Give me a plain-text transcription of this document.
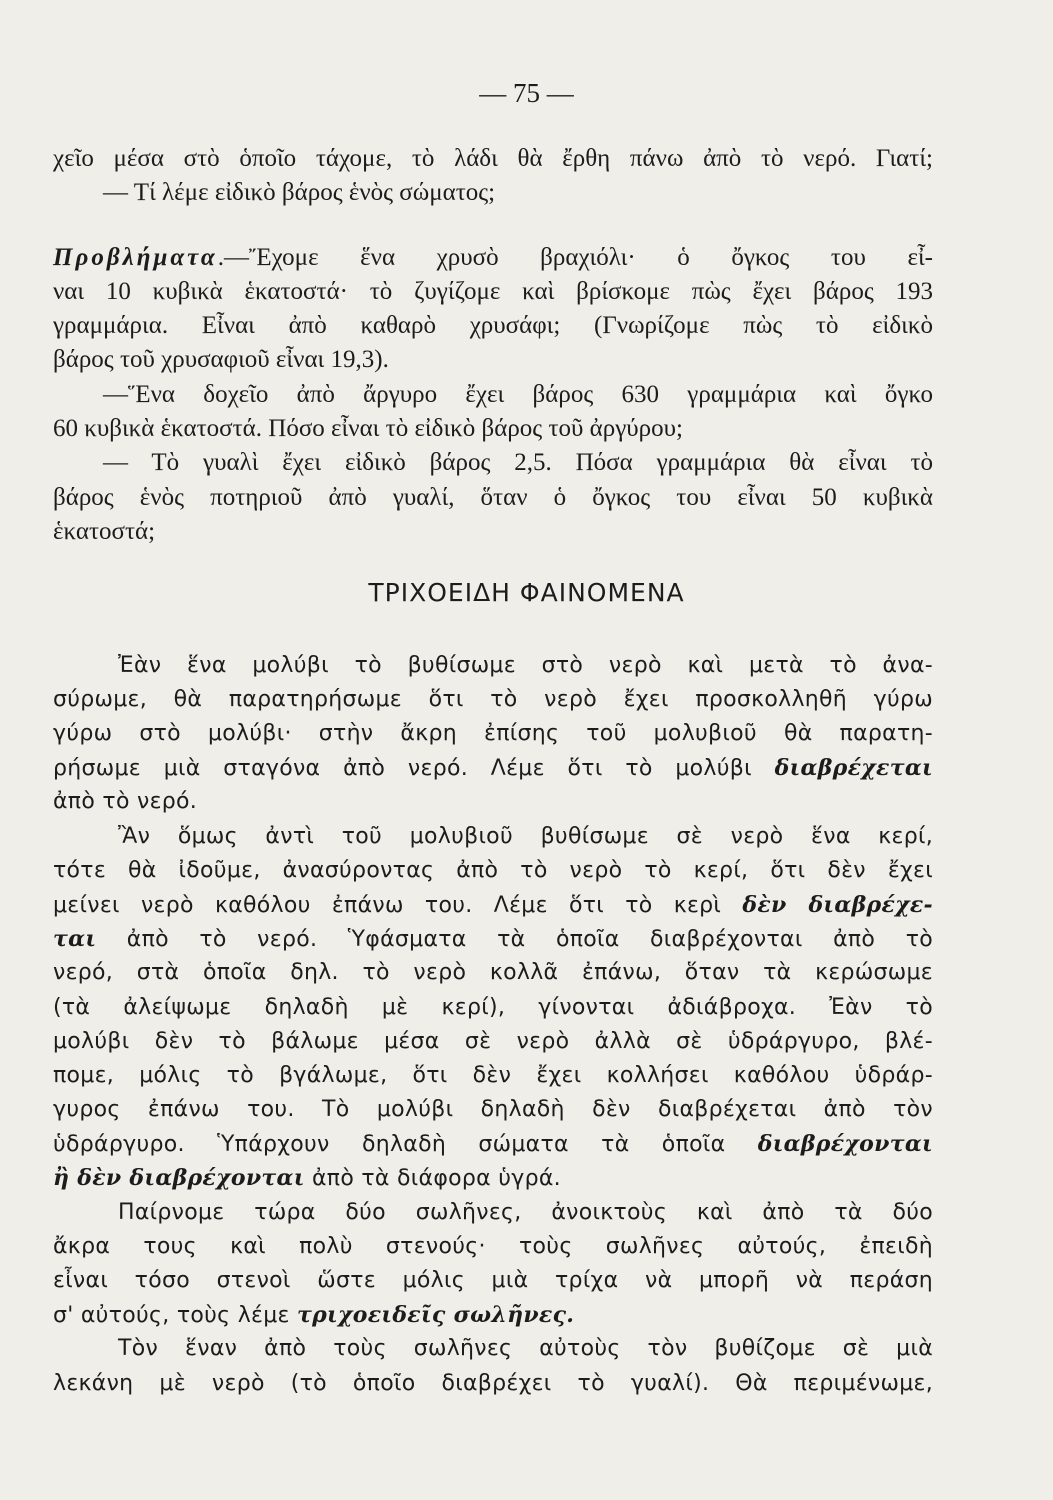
— 75 —
χεῖο μέσα στὸ ὁποῖο τάχομε, τὸ λάδι θὰ ἔρθη πάνω ἀπὸ τὸ νερό. Γιατί;
— Τί λέμε εἰδικὸ βάρος ἑνὸς σώματος;
Προβλήματα.—Ἔχομε ἕνα χρυσὸ βραχιόλι· ὁ ὄγκος του εἶ-
ναι 10 κυβικὰ ἑκατοστά· τὸ ζυγίζομε καὶ βρίσκομε πὼς ἔχει βάρος 193
γραμμάρια. Εἶναι ἀπὸ καθαρὸ χρυσάφι; (Γνωρίζομε πὼς τὸ εἰδικὸ
βάρος τοῦ χρυσαφιοῦ εἶναι 19,3).
—Ἕνα δοχεῖο ἀπὸ ἄργυρο ἔχει βάρος 630 γραμμάρια καὶ ὄγκο
60 κυβικὰ ἑκατοστά. Πόσο εἶναι τὸ εἰδικὸ βάρος τοῦ ἀργύρου;
— Τὸ γυαλὶ ἔχει εἰδικὸ βάρος 2,5. Πόσα γραμμάρια θὰ εἶναι τὸ
βάρος ἑνὸς ποτηριοῦ ἀπὸ γυαλί, ὅταν ὁ ὄγκος του εἶναι 50 κυβικὰ
ἑκατοστά;
ΤΡΙΧΟΕΙΔΗ ΦΑΙΝΟΜΕΝΑ
Ἐὰν ἕνα μολύβι τὸ βυθίσωμε στὸ νερὸ καὶ μετὰ τὸ ἀνα-
σύρωμε, θὰ παρατηρήσωμε ὅτι τὸ νερὸ ἔχει προσκολληθῆ γύρω
γύρω στὸ μολύβι· στὴν ἄκρη ἐπίσης τοῦ μολυβιοῦ θὰ παρατη-
ρήσωμε μιὰ σταγόνα ἀπὸ νερό. Λέμε ὅτι τὸ μολύβι διαβρέχεται
ἀπὸ τὸ νερό.
Ἂν ὅμως ἀντὶ τοῦ μολυβιοῦ βυθίσωμε σὲ νερὸ ἕνα κερί,
τότε θὰ ἰδοῦμε, ἀνασύροντας ἀπὸ τὸ νερὸ τὸ κερί, ὅτι δὲν ἔχει
μείνει νερὸ καθόλου ἐπάνω του. Λέμε ὅτι τὸ κερὶ δὲν διαβρέχε-
ται ἀπὸ τὸ νερό. Ὑφάσματα τὰ ὁποῖα διαβρέχονται ἀπὸ τὸ
νερό, στὰ ὁποῖα δηλ. τὸ νερὸ κολλᾶ ἐπάνω, ὅταν τὰ κερώσωμε
(τὰ ἀλείψωμε δηλαδὴ μὲ κερί), γίνονται ἀδιάβροχα. Ἐὰν τὸ
μολύβι δὲν τὸ βάλωμε μέσα σὲ νερὸ ἀλλὰ σὲ ὑδράργυρο, βλέ-
πομε, μόλις τὸ βγάλωμε, ὅτι δὲν ἔχει κολλήσει καθόλου ὑδράρ-
γυρος ἐπάνω του. Τὸ μολύβι δηλαδὴ δὲν διαβρέχεται ἀπὸ τὸν
ὑδράργυρο. Ὑπάρχουν δηλαδὴ σώματα τὰ ὁποῖα διαβρέχονται
ἢ δὲν διαβρέχονται ἀπὸ τὰ διάφορα ὑγρά.
Παίρνομε τώρα δύο σωλῆνες, ἀνοικτοὺς καὶ ἀπὸ τὰ δύο
ἄκρα τους καὶ πολὺ στενούς· τοὺς σωλῆνες αὐτούς, ἐπειδὴ
εἶναι τόσο στενοὶ ὥστε μόλις μιὰ τρίχα νὰ μπορῆ νὰ περάση
σ' αὐτούς, τοὺς λέμε τριχοειδεῖς σωλῆνες.
Τὸν ἕναν ἀπὸ τοὺς σωλῆνες αὐτοὺς τὸν βυθίζομε σὲ μιὰ
λεκάνη μὲ νερὸ (τὸ ὁποῖο διαβρέχει τὸ γυαλί). Θὰ περιμένωμε,
